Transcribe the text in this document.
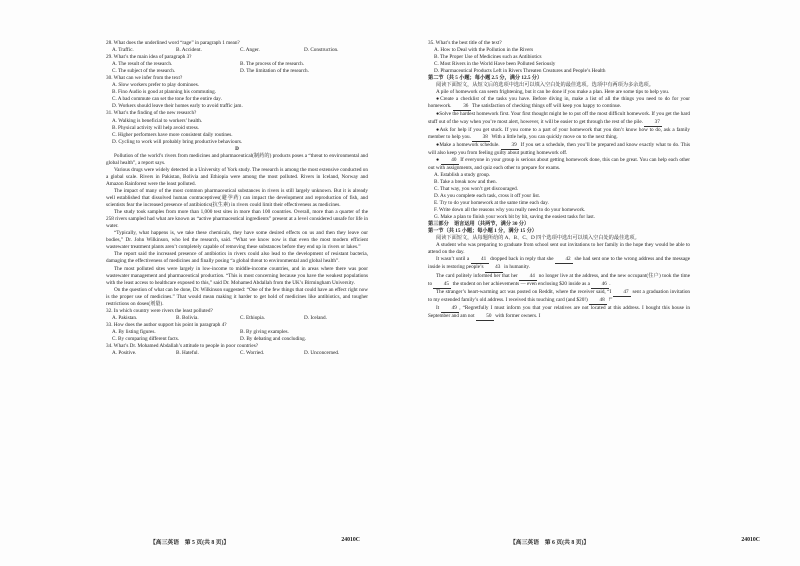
28. What does the underlined word “rage” in paragraph 1 mean?
A. Traffic.	B. Accident.	C. Anger.	D. Construction.
29. What’s the main idea of paragraph 3?
A. The result of the research.	B. The process of the research.
C. The subject of the research.	D. The limitation of the research.
30. What can we infer from the text?
A. Slow workers prefer to play dominoes.
B. Fino Audio is good at planning his commuting.
C. A bad commute can set the tone for the entire day.
D. Workers should leave their homes early to avoid traffic jam.
31. What’s the finding of the new research?
A. Walking is beneficial to workers’ health.
B. Physical activity will help avoid stress.
C. Higher performers have more consistent daily routines.
D. Cycling to work will probably bring productive behaviours.
D

Pollution of the world’s rivers from medicines and pharmaceutical(制药的) products poses a “threat to environmental and global health”, a report says.

Various drugs were widely detected in a University of York study. The research is among the most extensive conducted on a global scale. Rivers in Pakistan, Bolivia and Ethiopia were among the most polluted. Rivers in Iceland, Norway and Amazon Rainforest were the least polluted.

The impact of many of the most common pharmaceutical substances in rivers is still largely unknown. But it is already well established that dissolved human contraceptives(避孕药) can impact the development and reproduction of fish, and scientists fear the increased presence of antibiotics(抗生素) in rivers could limit their effectiveness as medicines.

The study took samples from more than 1,000 test sites in more than 100 countries. Overall, more than a quarter of the 258 rivers sampled had what are known as “active pharmaceutical ingredients” present at a level considered unsafe for life in water.

“Typically, what happens is, we take these chemicals, they have some desired effects on us and then they leave our bodies,” Dr. John Wilkinson, who led the research, said. “What we know now is that even the most modern efficient wastewater treatment plants aren’t completely capable of removing these substances before they end up in rivers or lakes.”

The report said the increased presence of antibiotics in rivers could also lead to the development of resistant bacteria, damaging the effectiveness of medicines and finally posing “a global threat to environmental and global health”.

The most polluted sites were largely in low-income to middle-income countries, and in areas where there was poor wastewater management and pharmaceutical production. “This is most concerning because you have the weakest populations with the least access to healthcare exposed to this,” said Dr. Mohamed Abdallah from the UK’s Birmingham University.

On the question of what can be done, Dr. Wilkinson suggested: “One of the few things that could have an effect right now is the proper use of medicines.” That would mean making it harder to get hold of medicines like antibiotics, and tougher restrictions on doses(剂量).

32. In which country were rivers the least polluted?
A. Pakistan.	B. Bolivia.	C. Ethiopia.	D. Iceland.
33. How does the author support his point in paragraph 4?
A. By listing figures.	B. By giving examples.
C. By comparing different facts.	D. By debating and concluding.
34. What’s Dr. Mohamed Abdallah’s attitude to people in poor countries?
A. Positive.	B. Hateful.	C. Worried.	D. Unconcerned.
【高三英语　第 5 页(共 8 页)】	24010C
35. What’s the best title of the text?
A. How to Deal with the Pollution in the Rivers
B. The Proper Use of Medicines such as Antibiotics
C. Most Rivers in the World Have been Polluted Seriously
D. Pharmaceutical Products Left in Rivers Threaten Creatures and People’s Health
第二节（共 5 小题；每小题 2.5 分，满分 12.5 分）

阅读下面短文，从短文后的选项中选出可以填入空白处的最佳选项。选项中有两项为多余选项。

A pile of homework can seem frightening, but it can be done if you make a plan. Here are some tips to help you.

●Create a checklist of the tasks you have. Before diving in, make a list of all the things you need to do for your homework. 36 The satisfaction of checking things off will keep you happy to continue.

●Solve the hardest homework first. Your first thought might be to put off the most difficult homework. If you get the hard stuff out of the way when you’re most alert, however, it will be easier to get through the rest of the pile. 37

●Ask for help if you get stuck. If you come to a part of your homework that you don’t know how to do, ask a family member to help you. 38 With a little help, you can quickly move on to the next thing.

●Make a homework schedule. 39 If you set a schedule, then you’ll be prepared and know exactly what to do. This will also keep you from feeling guilty about putting homework off.

● 40 If everyone in your group is serious about getting homework done, this can be great. You can help each other out with assignments, and quiz each other to prepare for exams.

A. Establish a study group.
B. Take a break now and then.
C. That way, you won’t get discouraged.
D. As you complete each task, cross it off your list.
E. Try to do your homework at the same time each day.
F. Write down all the reasons why you really need to do your homework.
G. Make a plan to finish your work bit by bit, saving the easiest tasks for last.
第三部分　语言运用（共两节，满分 30 分）
第一节（共 15 小题；每小题 1 分，满分 15 分）

阅读下面短文，从每题所给的 A、B、C、D 四个选项中选出可以填入空白处的最佳选项。

A student who was preparing to graduate from school sent out invitations to her family in the hope they would be able to attend on the day.

It wasn’t until a 41 dropped back in reply that she 42 she had sent one to the wrong address and the message inside is restoring people’s 43 in humanity.

The card politely informed her that her 44 no longer live at the address, and the new occupant(住户) took the time to 45 the student on her achievements — even enclosing $20 inside as a 46 .

The stranger’s heart-warming act was posted on Reddit, where the receiver said, “I 47 sent a graduation invitation to my extended family’s old address. I received this touching card (and $20!) 48 !”

It 49 , “Regretfully I must inform you that your relatives are not located at this address. I bought this house in September and am not 50 with former owners. I

【高三英语　第 6 页(共 8 页)】	24010C
